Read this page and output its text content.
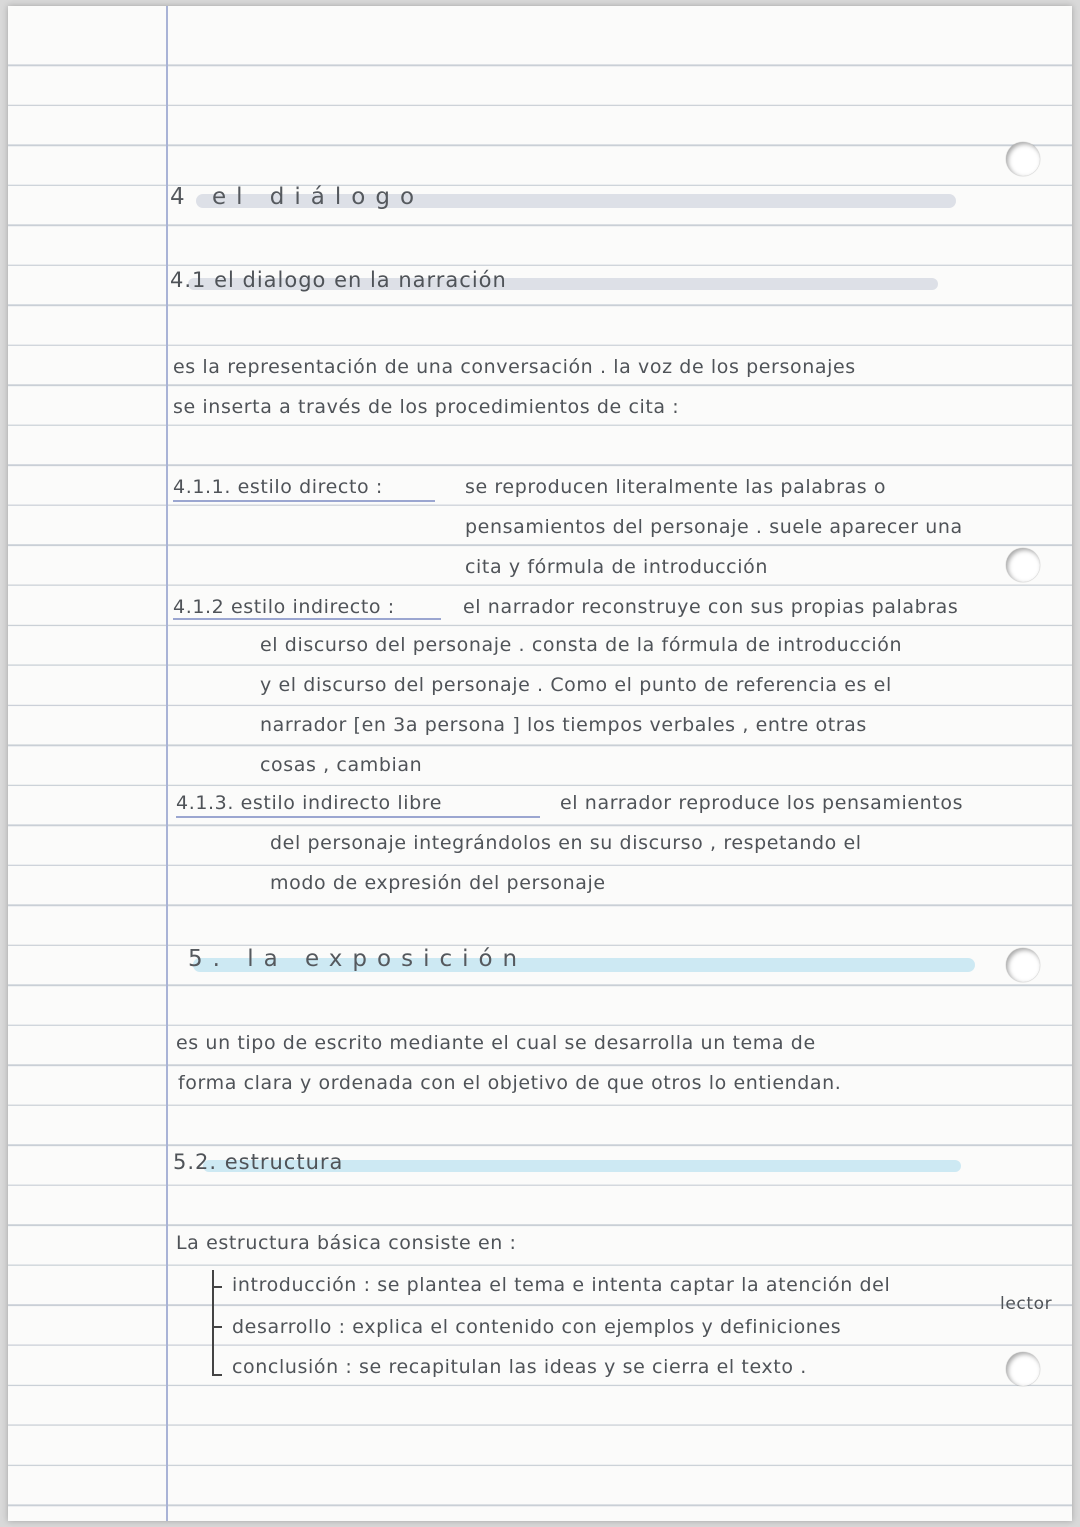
4 el diálogo

4.1 el dialogo en la narración

es la representación de una conversación . la voz de los personajes

se inserta a través de los procedimientos de cita :

4.1.1. estilo directo :	se reproducen literalmente las palabras o

pensamientos del personaje . suele aparecer una

cita y fórmula de introducción

4.1.2 estilo indirecto :	el narrador reconstruye con sus propias palabras

el discurso del personaje . consta de la fórmula de introducción

y el discurso del personaje . Como el punto de referencia es el

narrador [en 3a persona ] los tiempos verbales , entre otras

cosas , cambian

4.1.3. estilo indirecto libre	el narrador reproduce los pensamientos

del personaje integrándolos en su discurso , respetando el

modo de expresión del personaje

5. la exposición

es un tipo de escrito mediante el cual se desarrolla un tema de

forma clara y ordenada con el objetivo de que otros lo entiendan.

5.2. estructura

La estructura básica consiste en :

introducción : se plantea el tema e intenta captar la atención del

lector

desarrollo : explica el contenido con ejemplos y definiciones

conclusión : se recapitulan las ideas y se cierra el texto .
